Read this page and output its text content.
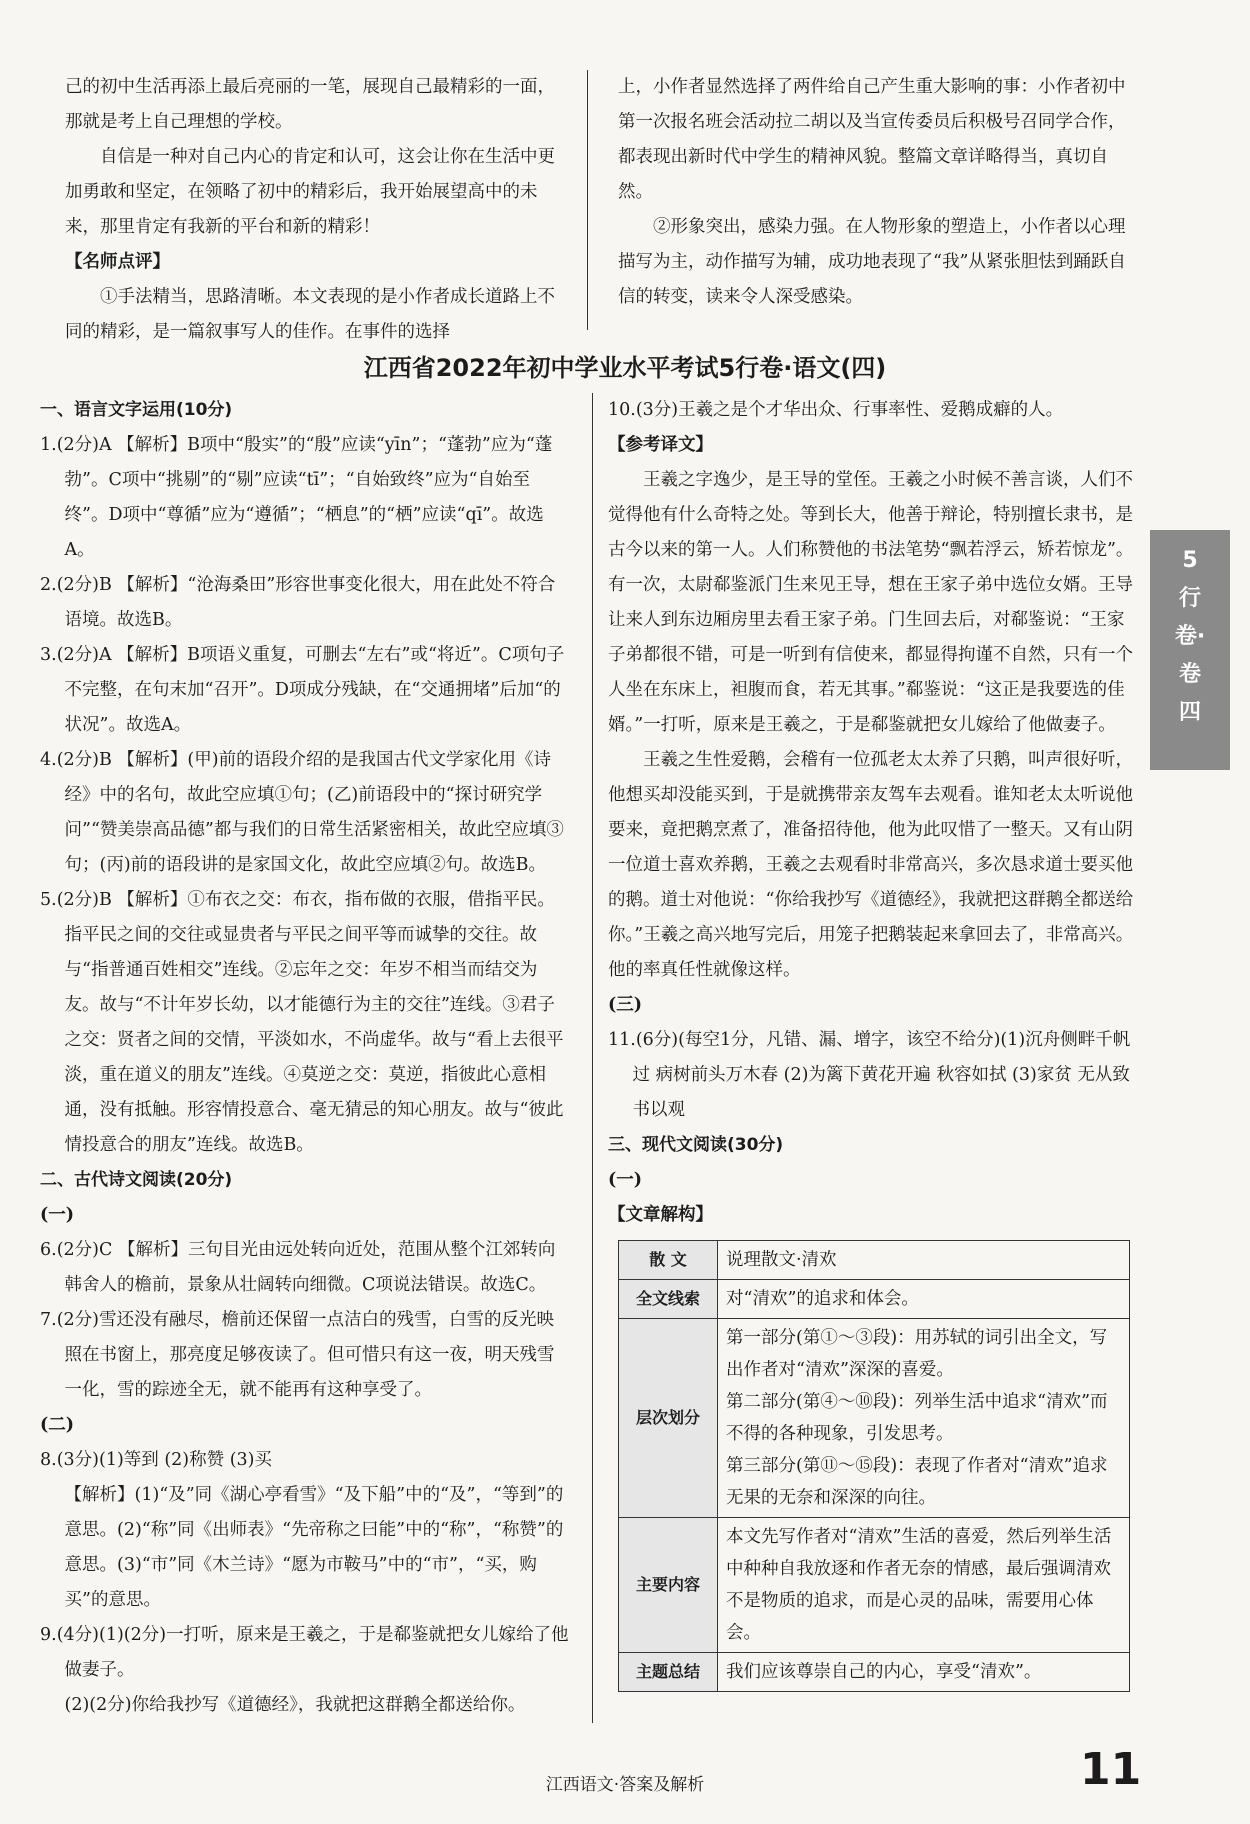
己的初中生活再添上最后亮丽的一笔，展现自己最精彩的一面，那就是考上自己理想的学校。

自信是一种对自己内心的肯定和认可，这会让你在生活中更加勇敢和坚定，在领略了初中的精彩后，我开始展望高中的未来，那里肯定有我新的平台和新的精彩！

【名师点评】

①手法精当，思路清晰。本文表现的是小作者成长道路上不同的精彩，是一篇叙事写人的佳作。在事件的选择

上，小作者显然选择了两件给自己产生重大影响的事：小作者初中第一次报名班会活动拉二胡以及当宣传委员后积极号召同学合作，都表现出新时代中学生的精神风貌。整篇文章详略得当，真切自然。

②形象突出，感染力强。在人物形象的塑造上，小作者以心理描写为主，动作描写为辅，成功地表现了“我”从紧张胆怯到踊跃自信的转变，读来令人深受感染。

江西省2022年初中学业水平考试5行卷·语文(四)

一、语言文字运用(10分)

1.(2分)A 【解析】B项中“殷实”的“殷”应读“yīn”；“蓬勃”应为“蓬勃”。C项中“挑剔”的“剔”应读“tī”；“自始致终”应为“自始至终”。D项中“尊循”应为“遵循”；“栖息”的“栖”应读“qī”。故选A。

2.(2分)B 【解析】“沧海桑田”形容世事变化很大，用在此处不符合语境。故选B。

3.(2分)A 【解析】B项语义重复，可删去“左右”或“将近”。C项句子不完整，在句末加“召开”。D项成分残缺，在“交通拥堵”后加“的状况”。故选A。

4.(2分)B 【解析】(甲)前的语段介绍的是我国古代文学家化用《诗经》中的名句，故此空应填①句；(乙)前语段中的“探讨研究学问”“赞美崇高品德”都与我们的日常生活紧密相关，故此空应填③句；(丙)前的语段讲的是家国文化，故此空应填②句。故选B。

5.(2分)B 【解析】①布衣之交：布衣，指布做的衣服，借指平民。指平民之间的交往或显贵者与平民之间平等而诚挚的交往。故与“指普通百姓相交”连线。②忘年之交：年岁不相当而结交为友。故与“不计年岁长幼，以才能德行为主的交往”连线。③君子之交：贤者之间的交情，平淡如水，不尚虚华。故与“看上去很平淡，重在道义的朋友”连线。④莫逆之交：莫逆，指彼此心意相通，没有抵触。形容情投意合、毫无猜忌的知心朋友。故与“彼此情投意合的朋友”连线。故选B。

二、古代诗文阅读(20分)

(一)

6.(2分)C 【解析】三句目光由远处转向近处，范围从整个江郊转向韩舍人的檐前，景象从壮阔转向细微。C项说法错误。故选C。

7.(2分)雪还没有融尽，檐前还保留一点洁白的残雪，白雪的反光映照在书窗上，那亮度足够夜读了。但可惜只有这一夜，明天残雪一化，雪的踪迹全无，就不能再有这种享受了。

(二)

8.(3分)(1)等到 (2)称赞 (3)买

【解析】(1)“及”同《湖心亭看雪》“及下船”中的“及”，“等到”的意思。(2)“称”同《出师表》“先帝称之曰能”中的“称”，“称赞”的意思。(3)“市”同《木兰诗》“愿为市鞍马”中的“市”，“买，购买”的意思。

9.(4分)(1)(2分)一打听，原来是王羲之，于是郗鉴就把女儿嫁给了他做妻子。

(2)(2分)你给我抄写《道德经》，我就把这群鹅全都送给你。

10.(3分)王羲之是个才华出众、行事率性、爱鹅成癖的人。

【参考译文】

王羲之字逸少，是王导的堂侄。王羲之小时候不善言谈，人们不觉得他有什么奇特之处。等到长大，他善于辩论，特别擅长隶书，是古今以来的第一人。人们称赞他的书法笔势“飘若浮云，矫若惊龙”。有一次，太尉郗鉴派门生来见王导，想在王家子弟中选位女婿。王导让来人到东边厢房里去看王家子弟。门生回去后，对郗鉴说：“王家子弟都很不错，可是一听到有信使来，都显得拘谨不自然，只有一个人坐在东床上，袒腹而食，若无其事。”郗鉴说：“这正是我要选的佳婿。”一打听，原来是王羲之，于是郗鉴就把女儿嫁给了他做妻子。

王羲之生性爱鹅，会稽有一位孤老太太养了只鹅，叫声很好听，他想买却没能买到，于是就携带亲友驾车去观看。谁知老太太听说他要来，竟把鹅烹煮了，准备招待他，他为此叹惜了一整天。又有山阴一位道士喜欢养鹅，王羲之去观看时非常高兴，多次恳求道士要买他的鹅。道士对他说：“你给我抄写《道德经》，我就把这群鹅全都送给你。”王羲之高兴地写完后，用笼子把鹅装起来拿回去了，非常高兴。他的率真任性就像这样。

(三)

11.(6分)(每空1分，凡错、漏、增字，该空不给分)(1)沉舟侧畔千帆过 病树前头万木春 (2)为篱下黄花开遍 秋容如拭 (3)家贫 无从致书以观

三、现代文阅读(30分)

(一)

【文章解构】

散 文	说理散文·清欢
全文线索	对“清欢”的追求和体会。
层次划分	第一部分(第①～③段)：用苏轼的词引出全文，写出作者对“清欢”深深的喜爱。
第二部分(第④～⑩段)：列举生活中追求“清欢”而不得的各种现象，引发思考。
第三部分(第⑪～⑮段)：表现了作者对“清欢”追求无果的无奈和深深的向往。

主要内容	本文先写作者对“清欢”生活的喜爱，然后列举生活中种种自我放逐和作者无奈的情感，最后强调清欢不是物质的追求，而是心灵的品味，需要用心体会。
主题总结	我们应该尊崇自己的内心，享受“清欢”。
5
行
卷·
卷
四
江西语文·答案及解析	11
